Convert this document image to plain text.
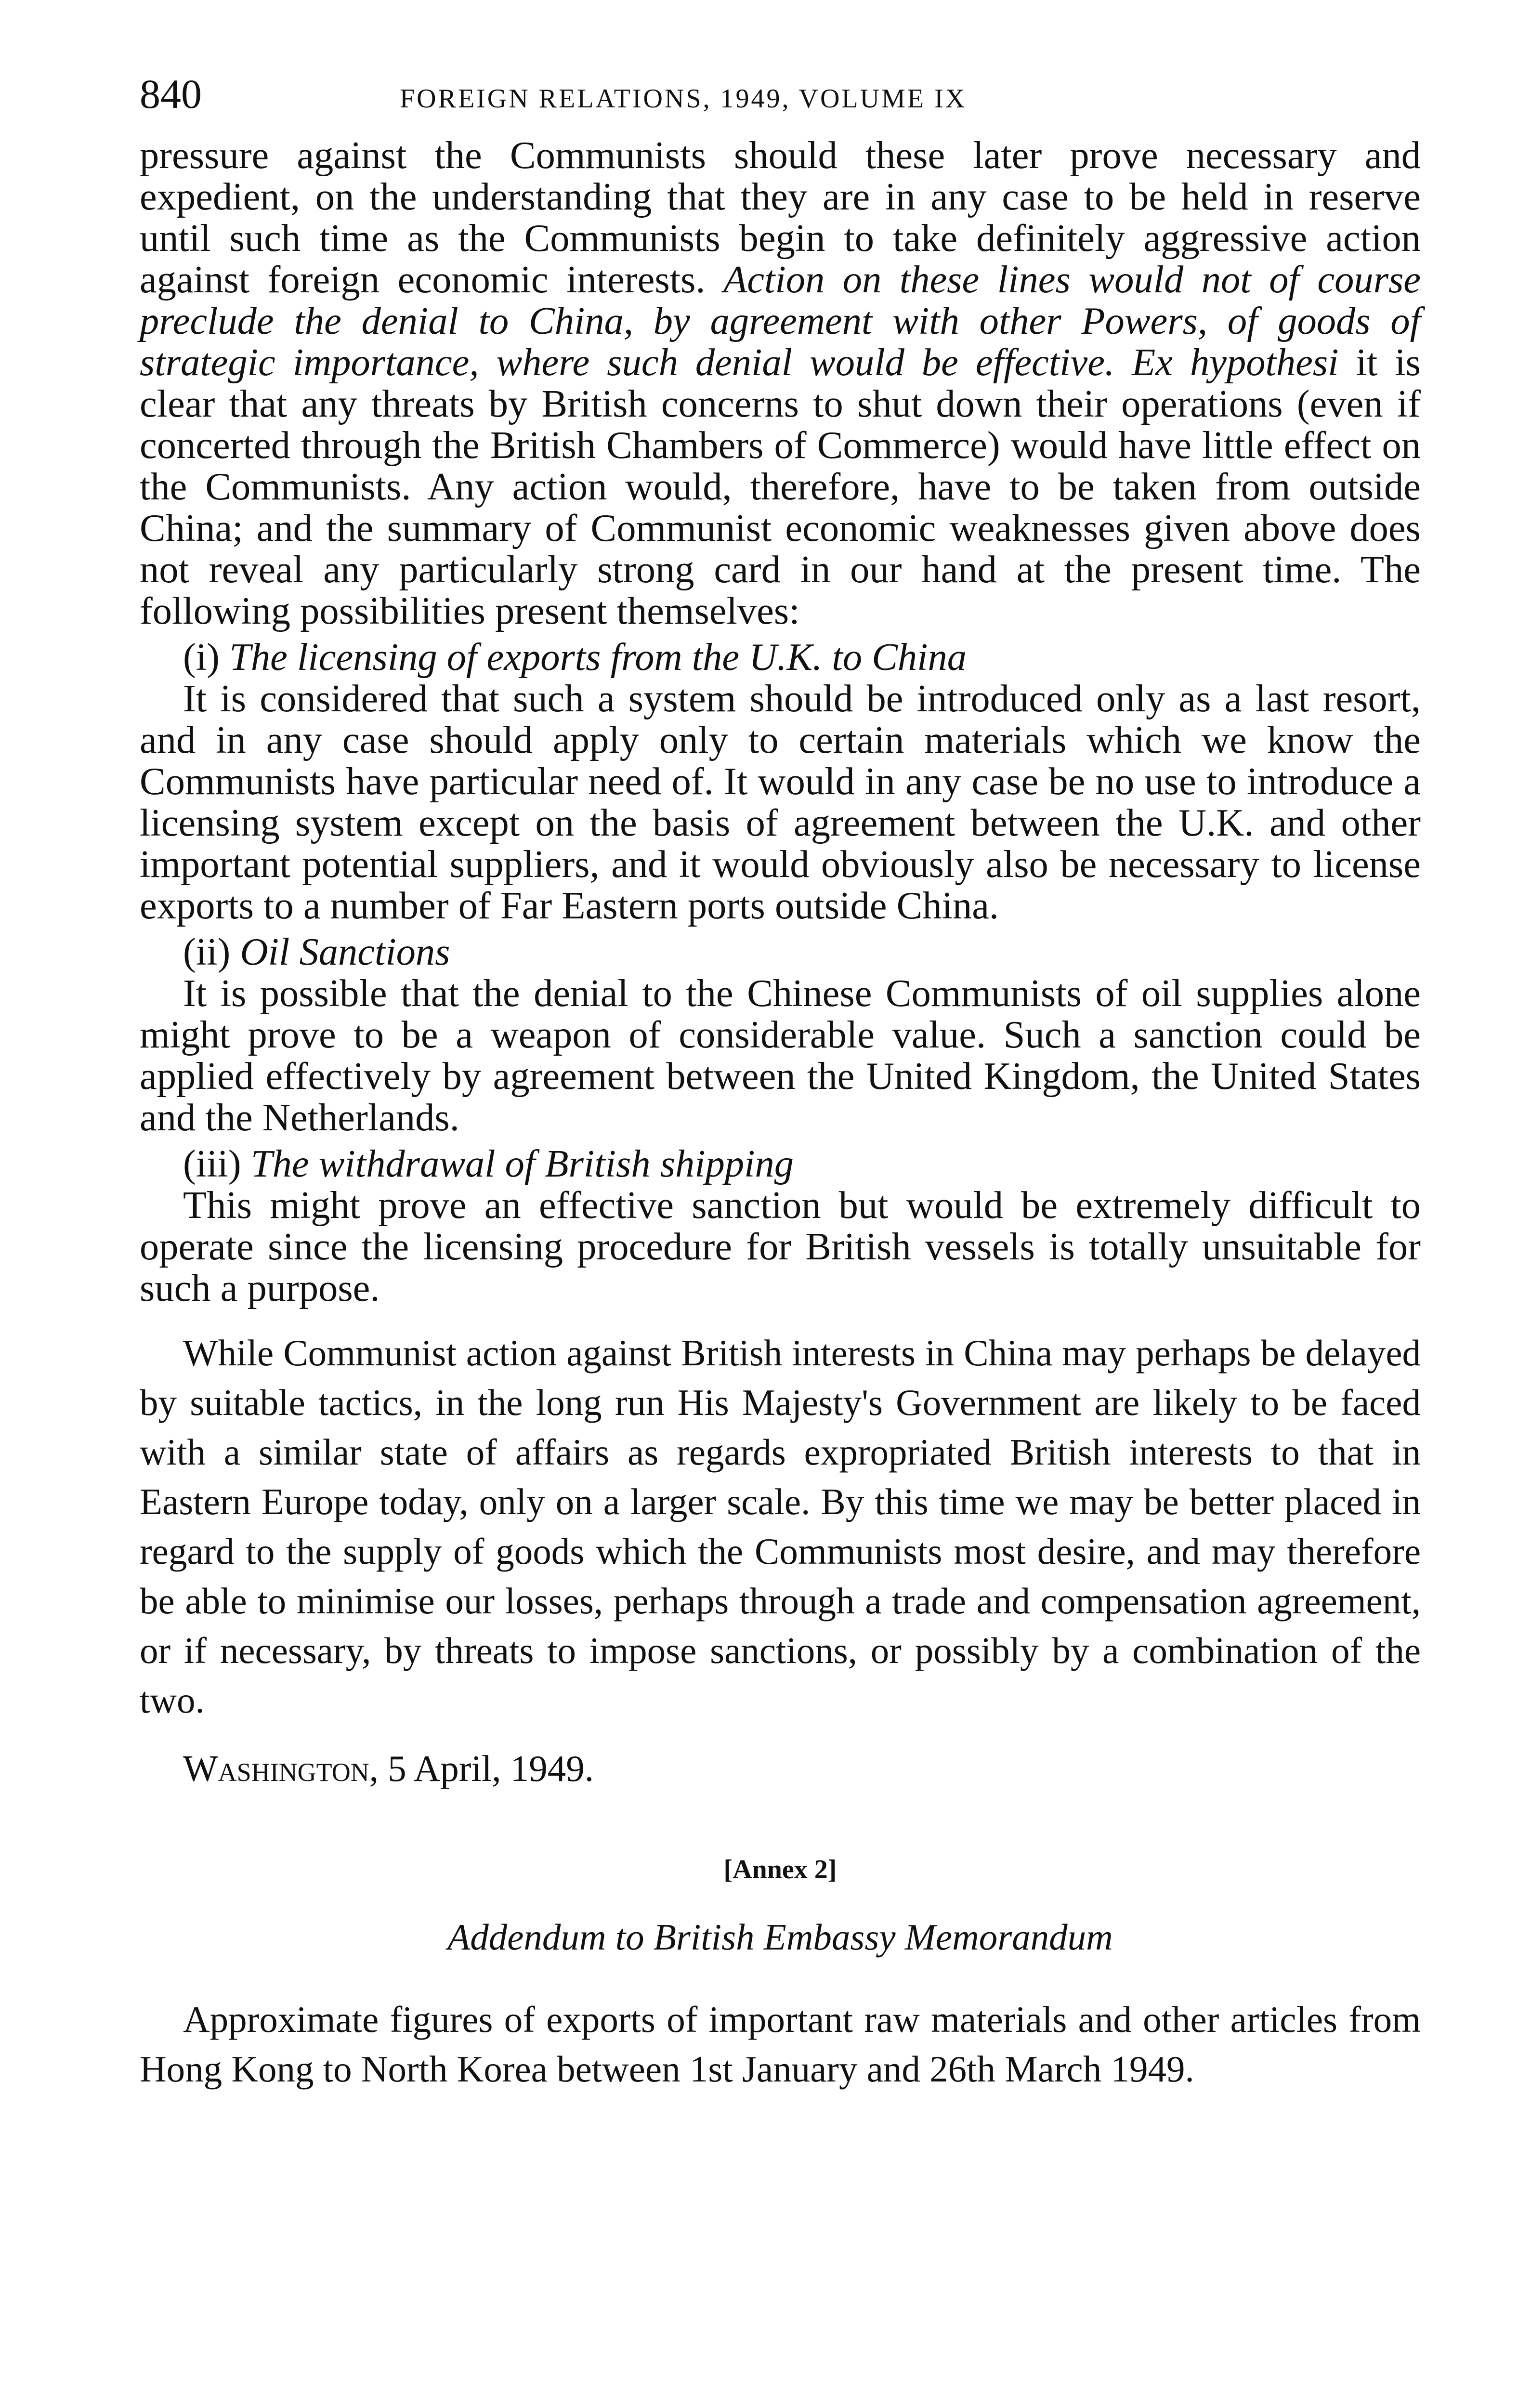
840	FOREIGN RELATIONS, 1949, VOLUME IX

pressure against the Communists should these later prove necessary and expedient, on the understanding that they are in any case to be held in reserve until such time as the Communists begin to take definitely aggressive action against foreign economic interests. Action on these lines would not of course preclude the denial to China, by agreement with other Powers, of goods of strategic importance, where such denial would be effective. Ex hypothesi it is clear that any threats by British concerns to shut down their operations (even if concerted through the British Chambers of Commerce) would have little effect on the Communists. Any action would, therefore, have to be taken from outside China; and the summary of Communist economic weaknesses given above does not reveal any particularly strong card in our hand at the present time. The following possibilities present themselves:

(i) The licensing of exports from the U.K. to China

It is considered that such a system should be introduced only as a last resort, and in any case should apply only to certain materials which we know the Communists have particular need of. It would in any case be no use to introduce a licensing system except on the basis of agreement between the U.K. and other important potential suppliers, and it would obviously also be necessary to license exports to a number of Far Eastern ports outside China.

(ii) Oil Sanctions

It is possible that the denial to the Chinese Communists of oil supplies alone might prove to be a weapon of considerable value. Such a sanction could be applied effectively by agreement between the United Kingdom, the United States and the Netherlands.

(iii) The withdrawal of British shipping

This might prove an effective sanction but would be extremely difficult to operate since the licensing procedure for British vessels is totally unsuitable for such a purpose.

While Communist action against British interests in China may perhaps be delayed by suitable tactics, in the long run His Majesty's Government are likely to be faced with a similar state of affairs as regards expropriated British interests to that in Eastern Europe today, only on a larger scale. By this time we may be better placed in regard to the supply of goods which the Communists most desire, and may therefore be able to minimise our losses, perhaps through a trade and compensation agreement, or if necessary, by threats to impose sanctions, or possibly by a combination of the two.

Washington, 5 April, 1949.
[Annex 2]
Addendum to British Embassy Memorandum

Approximate figures of exports of important raw materials and other articles from Hong Kong to North Korea between 1st January and 26th March 1949.
